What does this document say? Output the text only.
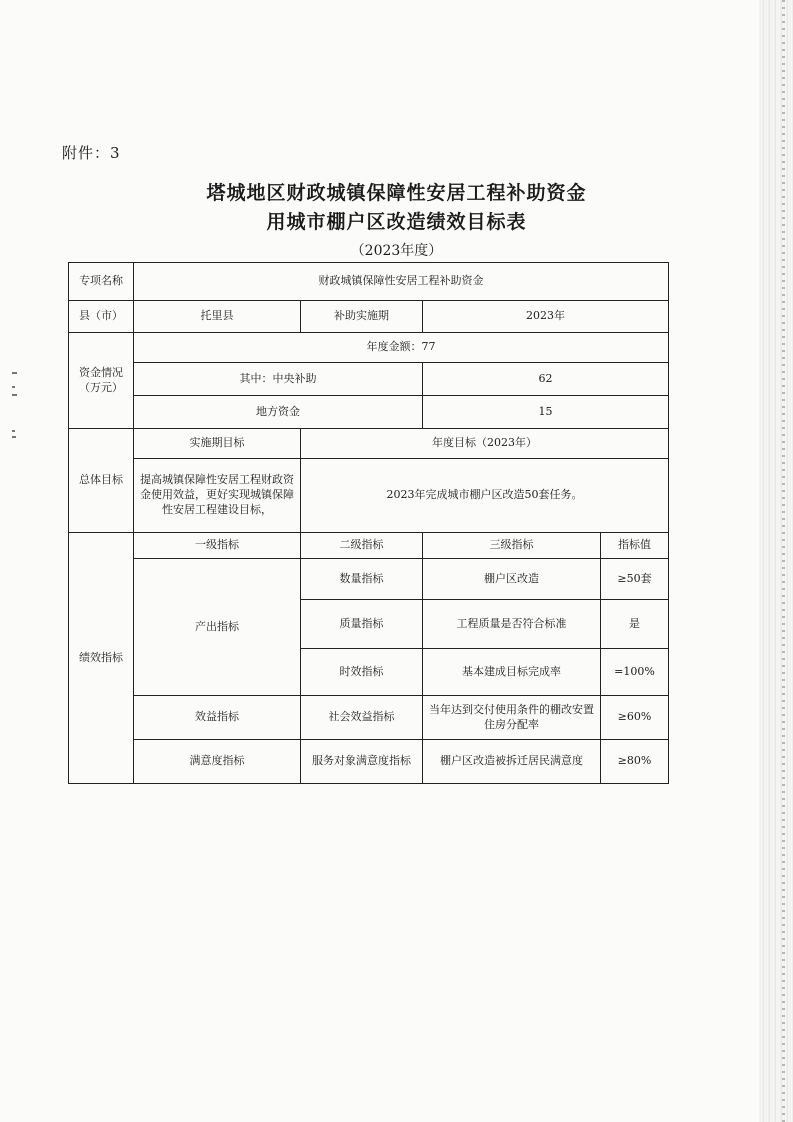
附件：3
塔城地区财政城镇保障性安居工程补助资金
用城市棚户区改造绩效目标表
（2023年度）
专项名称	财政城镇保障性安居工程补助资金			
县（市）	托里县	补助实施期	2023年	
资金情况（万元）	年度金额：77			
	其中：中央补助		62	
	地方资金		15	
总体目标	实施期目标	年度目标（2023年）		
	提高城镇保障性安居工程财政资金使用效益，更好实现城镇保障性安居工程建设目标，	2023年完成城市棚户区改造50套任务。		
绩效指标	一级指标	二级指标	三级指标	指标值
	产出指标	数量指标	棚户区改造	≥50套
		质量指标	工程质量是否符合标准	是
		时效指标	基本建成目标完成率	=100%
	效益指标	社会效益指标	当年达到交付使用条件的棚改安置住房分配率	≥60%
	满意度指标	服务对象满意度指标	棚户区改造被拆迁居民满意度	≥80%
